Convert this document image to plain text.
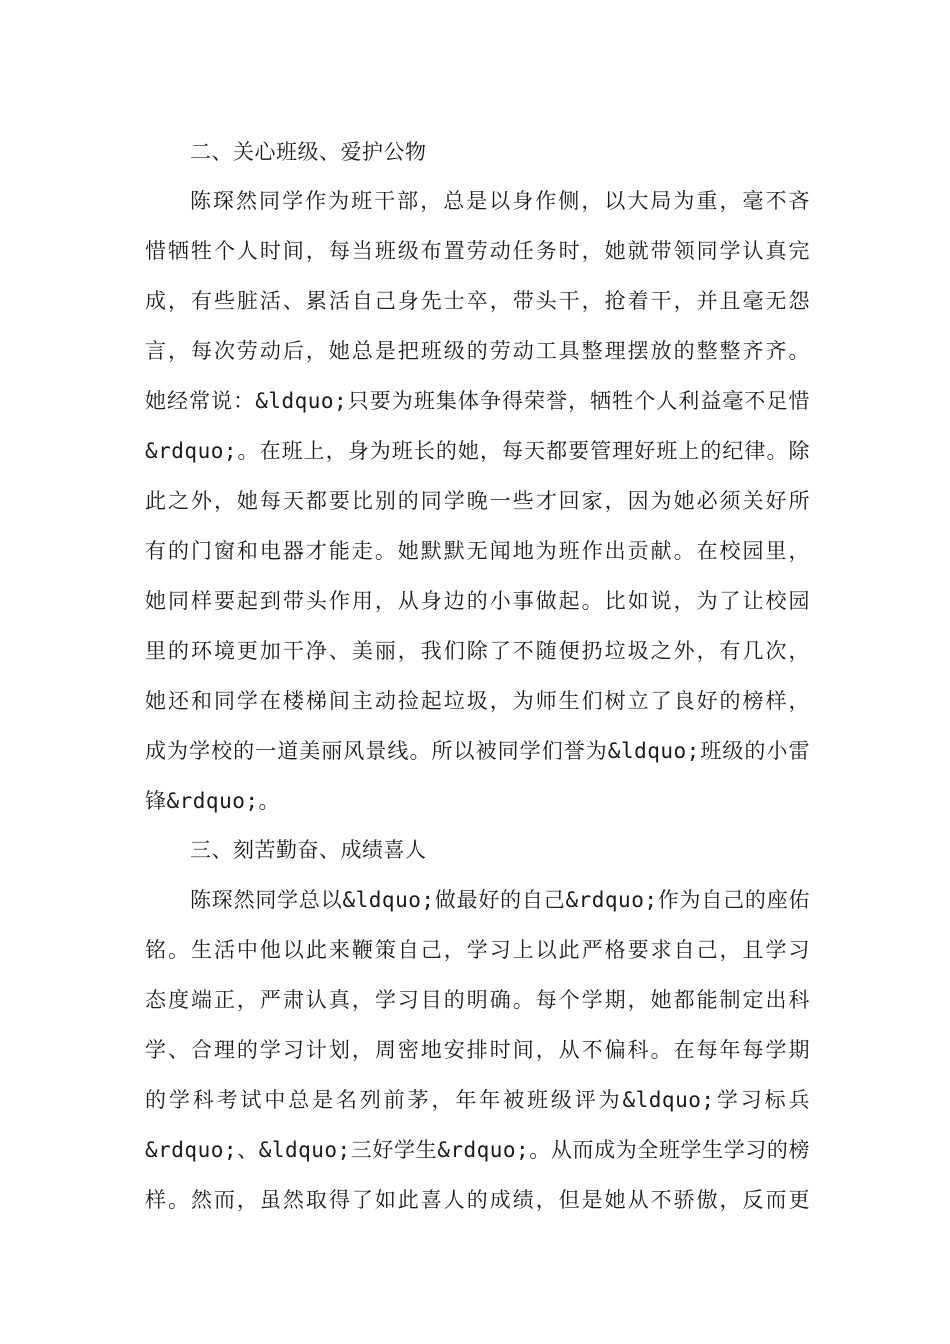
二、关心班级、爱护公物
陈琛然同学作为班干部，总是以身作侧，以大局为重，毫不吝
惜牺牲个人时间，每当班级布置劳动任务时，她就带领同学认真完
成，有些脏活、累活自己身先士卒，带头干，抢着干，并且毫无怨
言，每次劳动后，她总是把班级的劳动工具整理摆放的整整齐齐。
她经常说：&ldquo;只要为班集体争得荣誉，牺牲个人利益毫不足惜
&rdquo;。在班上，身为班长的她，每天都要管理好班上的纪律。除
此之外，她每天都要比别的同学晚一些才回家，因为她必须关好所
有的门窗和电器才能走。她默默无闻地为班作出贡献。在校园里，
她同样要起到带头作用，从身边的小事做起。比如说，为了让校园
里的环境更加干净、美丽，我们除了不随便扔垃圾之外，有几次，
她还和同学在楼梯间主动捡起垃圾，为师生们树立了良好的榜样，
成为学校的一道美丽风景线。所以被同学们誉为&ldquo;班级的小雷
锋&rdquo;。
三、刻苦勤奋、成绩喜人
陈琛然同学总以&ldquo;做最好的自己&rdquo;作为自己的座佑
铭。生活中他以此来鞭策自己，学习上以此严格要求自己，且学习
态度端正，严肃认真，学习目的明确。每个学期，她都能制定出科
学、合理的学习计划，周密地安排时间，从不偏科。在每年每学期
的学科考试中总是名列前茅，年年被班级评为&ldquo;学习标兵
&rdquo;、&ldquo;三好学生&rdquo;。从而成为全班学生学习的榜
样。然而，虽然取得了如此喜人的成绩，但是她从不骄傲，反而更
